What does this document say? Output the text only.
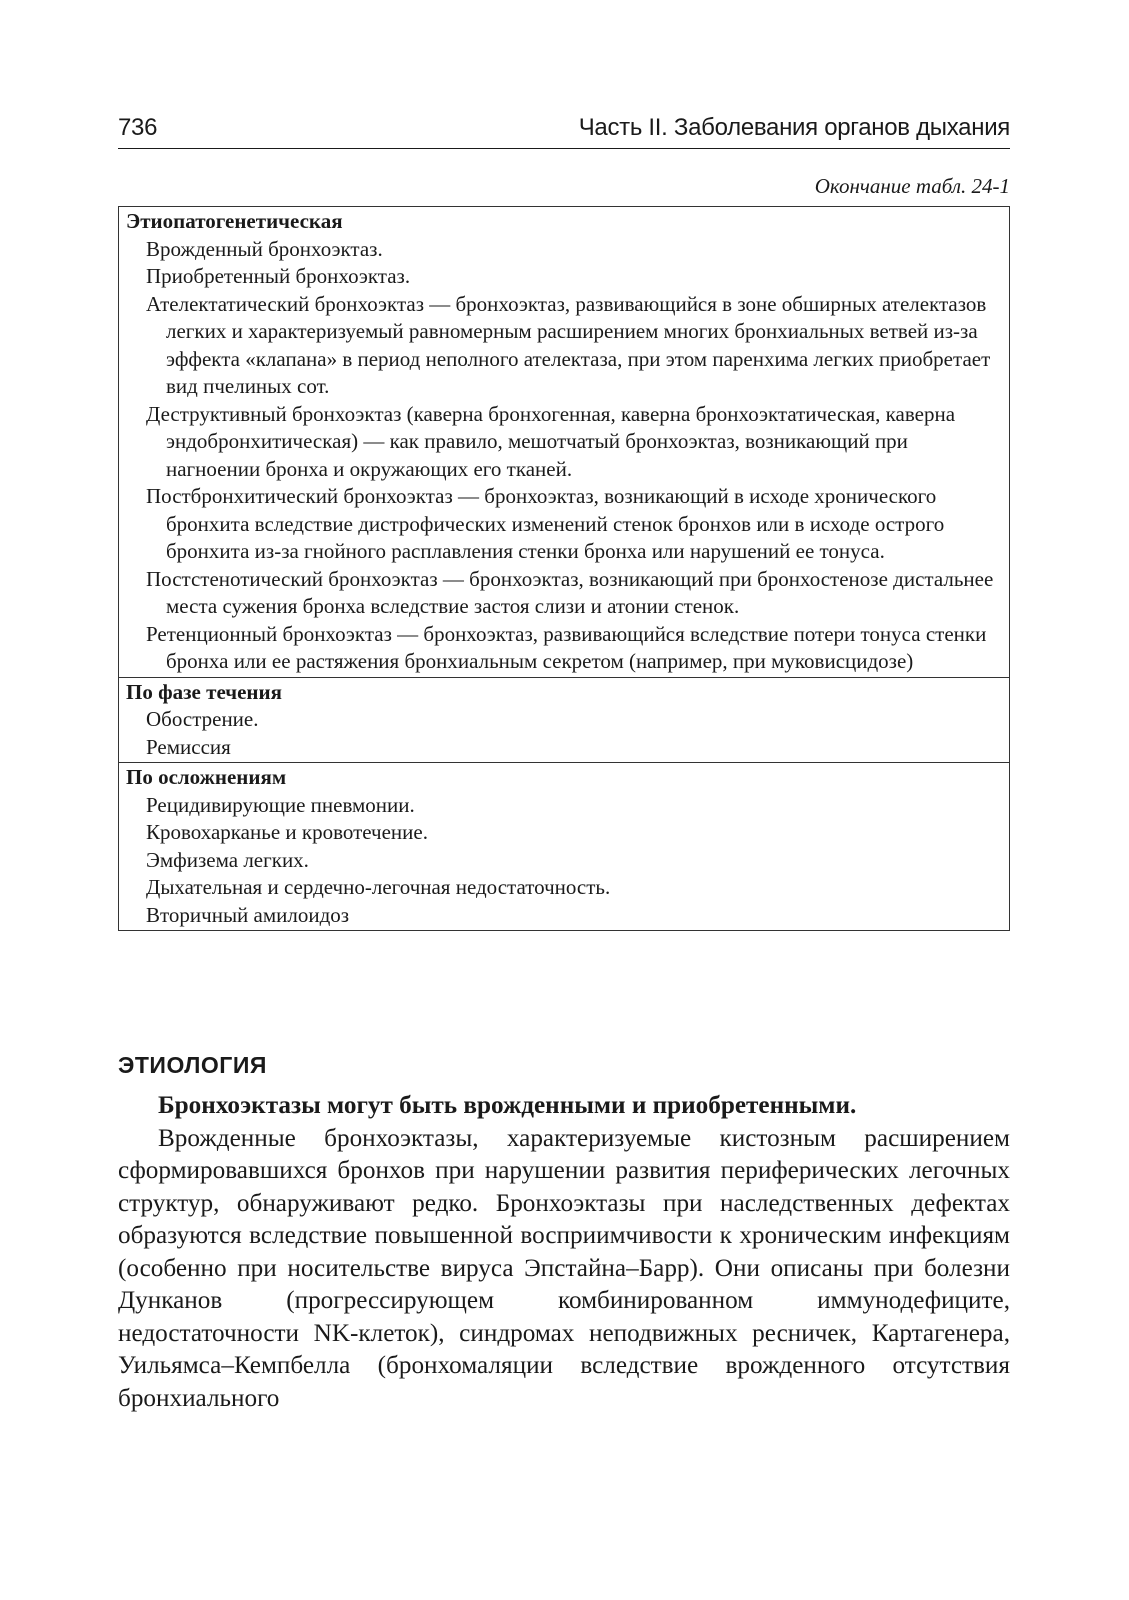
736	Часть II. Заболевания органов дыхания
Окончание табл. 24-1
Этиопатогенетическая
Врожденный бронхоэктаз.
Приобретенный бронхоэктаз.
Ателектатический бронхоэктаз — бронхоэктаз, развивающийся в зоне обширных ателектазов легких и характеризуемый равномерным расширением многих бронхиальных ветвей из-за эффекта «клапана» в период неполного ателектаза, при этом паренхима легких приобретает вид пчелиных сот.
Деструктивный бронхоэктаз (каверна бронхогенная, каверна бронхоэктатическая, каверна эндобронхитическая) — как правило, мешотчатый бронхоэктаз, возникающий при нагноении бронха и окружающих его тканей.
Постбронхитический бронхоэктаз — бронхоэктаз, возникающий в исходе хронического бронхита вследствие дистрофических изменений стенок бронхов или в исходе острого бронхита из-за гнойного расплавления стенки бронха или нарушений ее тонуса.
Постстенотический бронхоэктаз — бронхоэктаз, возникающий при бронхостенозе дистальнее места сужения бронха вследствие застоя слизи и атонии стенок.
Ретенционный бронхоэктаз — бронхоэктаз, развивающийся вследствие потери тонуса стенки бронха или ее растяжения бронхиальным секретом (например, при муковисцидозе)

По фазе течения
Обострение.
Ремиссия

По осложнениям
Рецидивирующие пневмонии.
Кровохарканье и кровотечение.
Эмфизема легких.
Дыхательная и сердечно-легочная недостаточность.
Вторичный амилоидоз
ЭТИОЛОГИЯ

Бронхоэктазы могут быть врожденными и приобретенными.

Врожденные бронхоэктазы, характеризуемые кистозным расширением сформировавшихся бронхов при нарушении развития периферических легочных структур, обнаруживают редко. Бронхоэктазы при наследственных дефектах образуются вследствие повышенной восприимчивости к хроническим инфекциям (особенно при носительстве вируса Эпстайна–Барр). Они описаны при болезни Дунканов (прогрессирующем комбинированном иммунодефиците, недостаточности NK-клеток), синдромах неподвижных ресничек, Картагенера, Уильямса–Кемпбелла (бронхомаляции вследствие врожденного отсутствия бронхиального
